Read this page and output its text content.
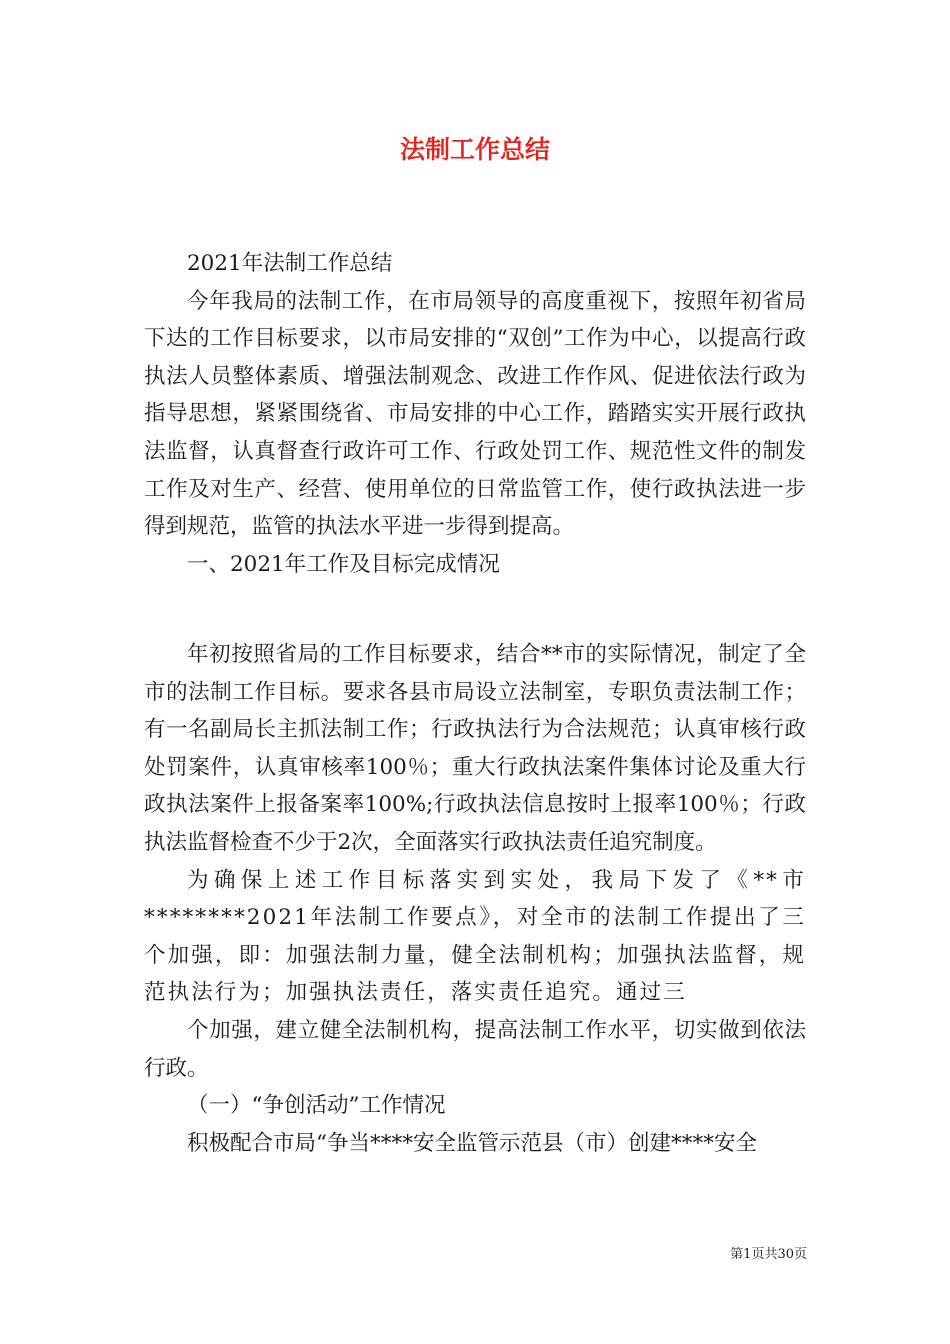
法制工作总结

2021年法制工作总结

今年我局的法制工作，在市局领导的高度重视下，按照年初省局下达的工作目标要求，以市局安排的“双创”工作为中心，以提高行政执法人员整体素质、增强法制观念、改进工作作风、促进依法行政为指导思想，紧紧围绕省、市局安排的中心工作，踏踏实实开展行政执法监督，认真督查行政许可工作、行政处罚工作、规范性文件的制发工作及对生产、经营、使用单位的日常监管工作，使行政执法进一步得到规范，监管的执法水平进一步得到提高。

一、2021年工作及目标完成情况

年初按照省局的工作目标要求，结合**市的实际情况，制定了全市的法制工作目标。要求各县市局设立法制室，专职负责法制工作；有一名副局长主抓法制工作；行政执法行为合法规范；认真审核行政处罚案件，认真审核率100％；重大行政执法案件集体讨论及重大行政执法案件上报备案率100%;行政执法信息按时上报率100％；行政执法监督检查不少于2次，全面落实行政执法责任追究制度。

为确保上述工作目标落实到实处，我局下发了《**市********2021年法制工作要点》，对全市的法制工作提出了三个加强，即：加强法制力量，健全法制机构；加强执法监督，规范执法行为；加强执法责任，落实责任追究。通过三

个加强，建立健全法制机构，提高法制工作水平，切实做到依法行政。

（一）“争创活动”工作情况

积极配合市局“争当****安全监管示范县（市）创建****安全

第1页共30页
